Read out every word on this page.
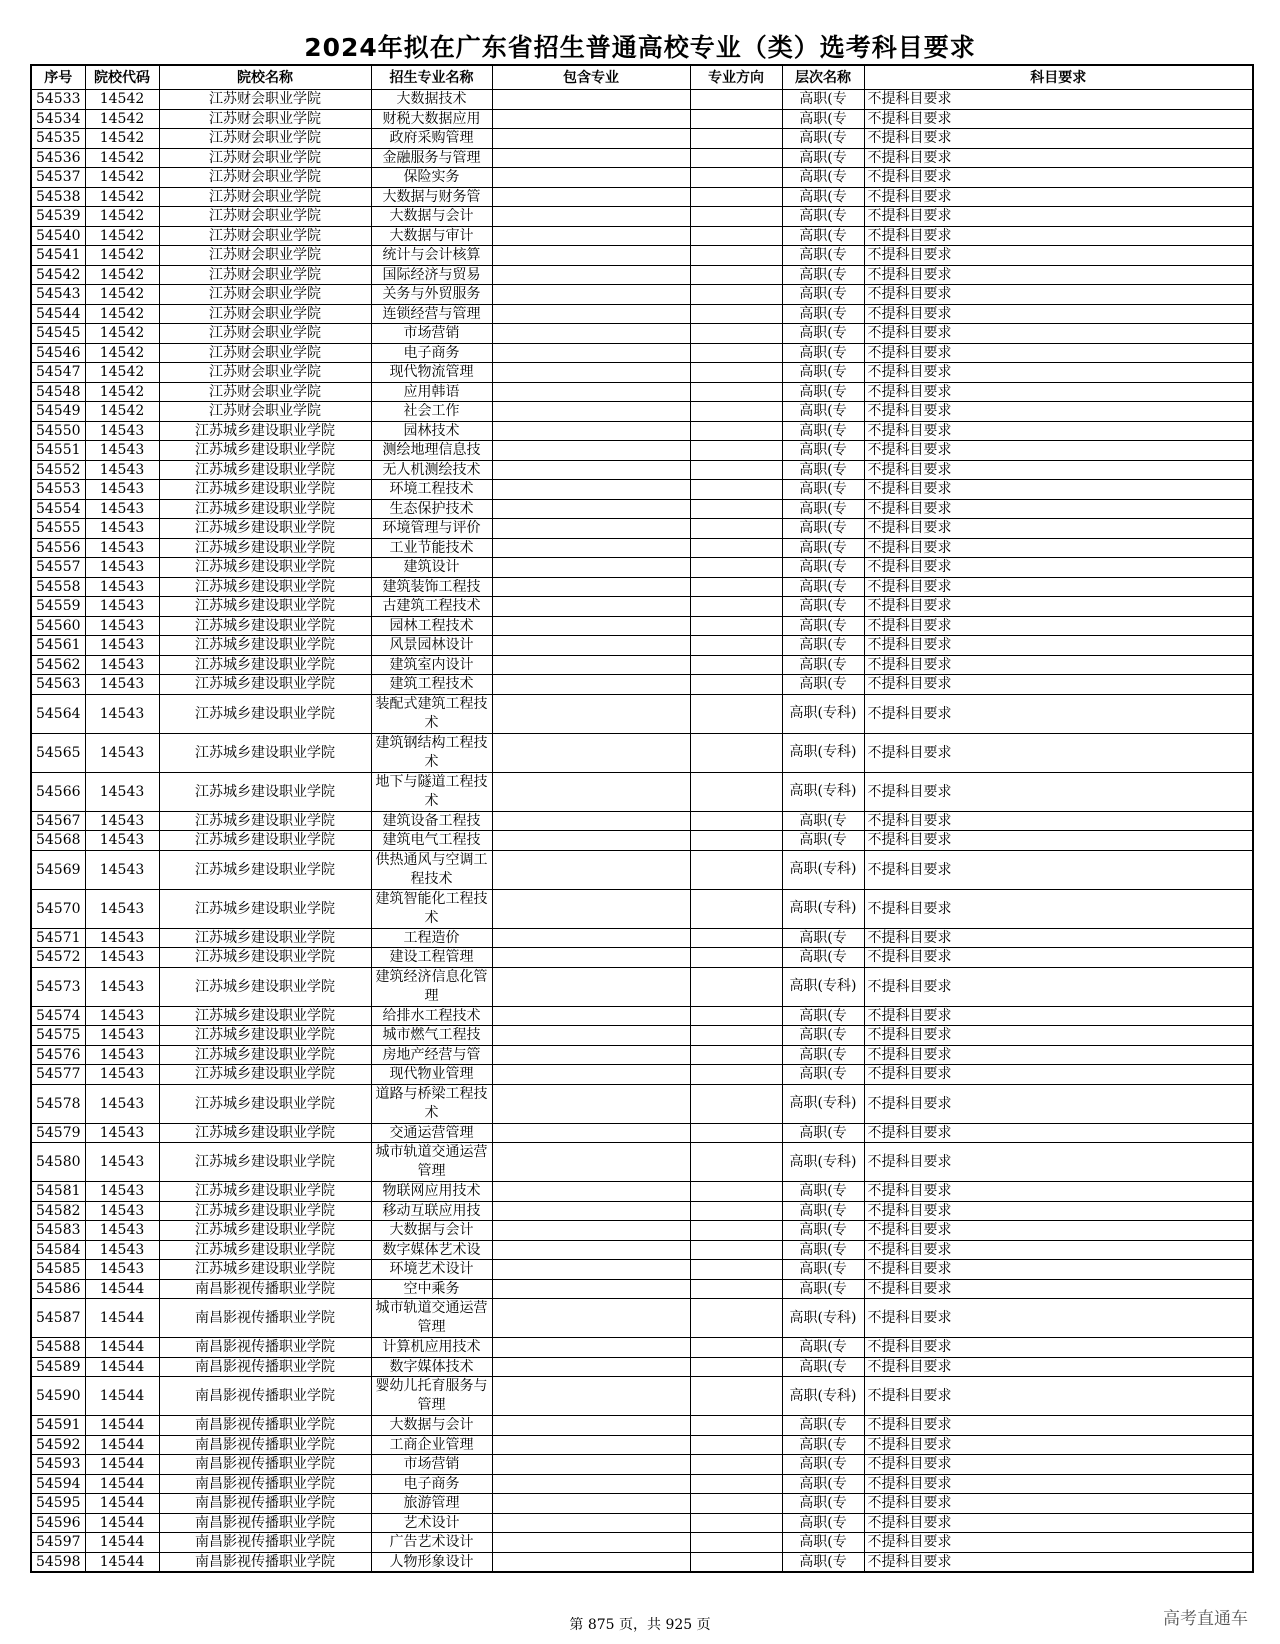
2024年拟在广东省招生普通高校专业（类）选考科目要求
序号	院校代码	院校名称	招生专业名称	包含专业	专业方向	层次名称	科目要求
54533	14542	江苏财会职业学院	大数据技术			高职(专	不提科目要求
54534	14542	江苏财会职业学院	财税大数据应用			高职(专	不提科目要求
54535	14542	江苏财会职业学院	政府采购管理			高职(专	不提科目要求
54536	14542	江苏财会职业学院	金融服务与管理			高职(专	不提科目要求
54537	14542	江苏财会职业学院	保险实务			高职(专	不提科目要求
54538	14542	江苏财会职业学院	大数据与财务管			高职(专	不提科目要求
54539	14542	江苏财会职业学院	大数据与会计			高职(专	不提科目要求
54540	14542	江苏财会职业学院	大数据与审计			高职(专	不提科目要求
54541	14542	江苏财会职业学院	统计与会计核算			高职(专	不提科目要求
54542	14542	江苏财会职业学院	国际经济与贸易			高职(专	不提科目要求
54543	14542	江苏财会职业学院	关务与外贸服务			高职(专	不提科目要求
54544	14542	江苏财会职业学院	连锁经营与管理			高职(专	不提科目要求
54545	14542	江苏财会职业学院	市场营销			高职(专	不提科目要求
54546	14542	江苏财会职业学院	电子商务			高职(专	不提科目要求
54547	14542	江苏财会职业学院	现代物流管理			高职(专	不提科目要求
54548	14542	江苏财会职业学院	应用韩语			高职(专	不提科目要求
54549	14542	江苏财会职业学院	社会工作			高职(专	不提科目要求
54550	14543	江苏城乡建设职业学院	园林技术			高职(专	不提科目要求
54551	14543	江苏城乡建设职业学院	测绘地理信息技			高职(专	不提科目要求
54552	14543	江苏城乡建设职业学院	无人机测绘技术			高职(专	不提科目要求
54553	14543	江苏城乡建设职业学院	环境工程技术			高职(专	不提科目要求
54554	14543	江苏城乡建设职业学院	生态保护技术			高职(专	不提科目要求
54555	14543	江苏城乡建设职业学院	环境管理与评价			高职(专	不提科目要求
54556	14543	江苏城乡建设职业学院	工业节能技术			高职(专	不提科目要求
54557	14543	江苏城乡建设职业学院	建筑设计			高职(专	不提科目要求
54558	14543	江苏城乡建设职业学院	建筑装饰工程技			高职(专	不提科目要求
54559	14543	江苏城乡建设职业学院	古建筑工程技术			高职(专	不提科目要求
54560	14543	江苏城乡建设职业学院	园林工程技术			高职(专	不提科目要求
54561	14543	江苏城乡建设职业学院	风景园林设计			高职(专	不提科目要求
54562	14543	江苏城乡建设职业学院	建筑室内设计			高职(专	不提科目要求
54563	14543	江苏城乡建设职业学院	建筑工程技术			高职(专	不提科目要求
54564	14543	江苏城乡建设职业学院	装配式建筑工程技术			高职(专科)	不提科目要求
54565	14543	江苏城乡建设职业学院	建筑钢结构工程技术			高职(专科)	不提科目要求
54566	14543	江苏城乡建设职业学院	地下与隧道工程技术			高职(专科)	不提科目要求
54567	14543	江苏城乡建设职业学院	建筑设备工程技			高职(专	不提科目要求
54568	14543	江苏城乡建设职业学院	建筑电气工程技			高职(专	不提科目要求
54569	14543	江苏城乡建设职业学院	供热通风与空调工程技术			高职(专科)	不提科目要求
54570	14543	江苏城乡建设职业学院	建筑智能化工程技术			高职(专科)	不提科目要求
54571	14543	江苏城乡建设职业学院	工程造价			高职(专	不提科目要求
54572	14543	江苏城乡建设职业学院	建设工程管理			高职(专	不提科目要求
54573	14543	江苏城乡建设职业学院	建筑经济信息化管理			高职(专科)	不提科目要求
54574	14543	江苏城乡建设职业学院	给排水工程技术			高职(专	不提科目要求
54575	14543	江苏城乡建设职业学院	城市燃气工程技			高职(专	不提科目要求
54576	14543	江苏城乡建设职业学院	房地产经营与管			高职(专	不提科目要求
54577	14543	江苏城乡建设职业学院	现代物业管理			高职(专	不提科目要求
54578	14543	江苏城乡建设职业学院	道路与桥梁工程技术			高职(专科)	不提科目要求
54579	14543	江苏城乡建设职业学院	交通运营管理			高职(专	不提科目要求
54580	14543	江苏城乡建设职业学院	城市轨道交通运营管理			高职(专科)	不提科目要求
54581	14543	江苏城乡建设职业学院	物联网应用技术			高职(专	不提科目要求
54582	14543	江苏城乡建设职业学院	移动互联应用技			高职(专	不提科目要求
54583	14543	江苏城乡建设职业学院	大数据与会计			高职(专	不提科目要求
54584	14543	江苏城乡建设职业学院	数字媒体艺术设			高职(专	不提科目要求
54585	14543	江苏城乡建设职业学院	环境艺术设计			高职(专	不提科目要求
54586	14544	南昌影视传播职业学院	空中乘务			高职(专	不提科目要求
54587	14544	南昌影视传播职业学院	城市轨道交通运营管理			高职(专科)	不提科目要求
54588	14544	南昌影视传播职业学院	计算机应用技术			高职(专	不提科目要求
54589	14544	南昌影视传播职业学院	数字媒体技术			高职(专	不提科目要求
54590	14544	南昌影视传播职业学院	婴幼儿托育服务与管理			高职(专科)	不提科目要求
54591	14544	南昌影视传播职业学院	大数据与会计			高职(专	不提科目要求
54592	14544	南昌影视传播职业学院	工商企业管理			高职(专	不提科目要求
54593	14544	南昌影视传播职业学院	市场营销			高职(专	不提科目要求
54594	14544	南昌影视传播职业学院	电子商务			高职(专	不提科目要求
54595	14544	南昌影视传播职业学院	旅游管理			高职(专	不提科目要求
54596	14544	南昌影视传播职业学院	艺术设计			高职(专	不提科目要求
54597	14544	南昌影视传播职业学院	广告艺术设计			高职(专	不提科目要求
54598	14544	南昌影视传播职业学院	人物形象设计			高职(专	不提科目要求
第 875 页，共 925 页	高考直通车
